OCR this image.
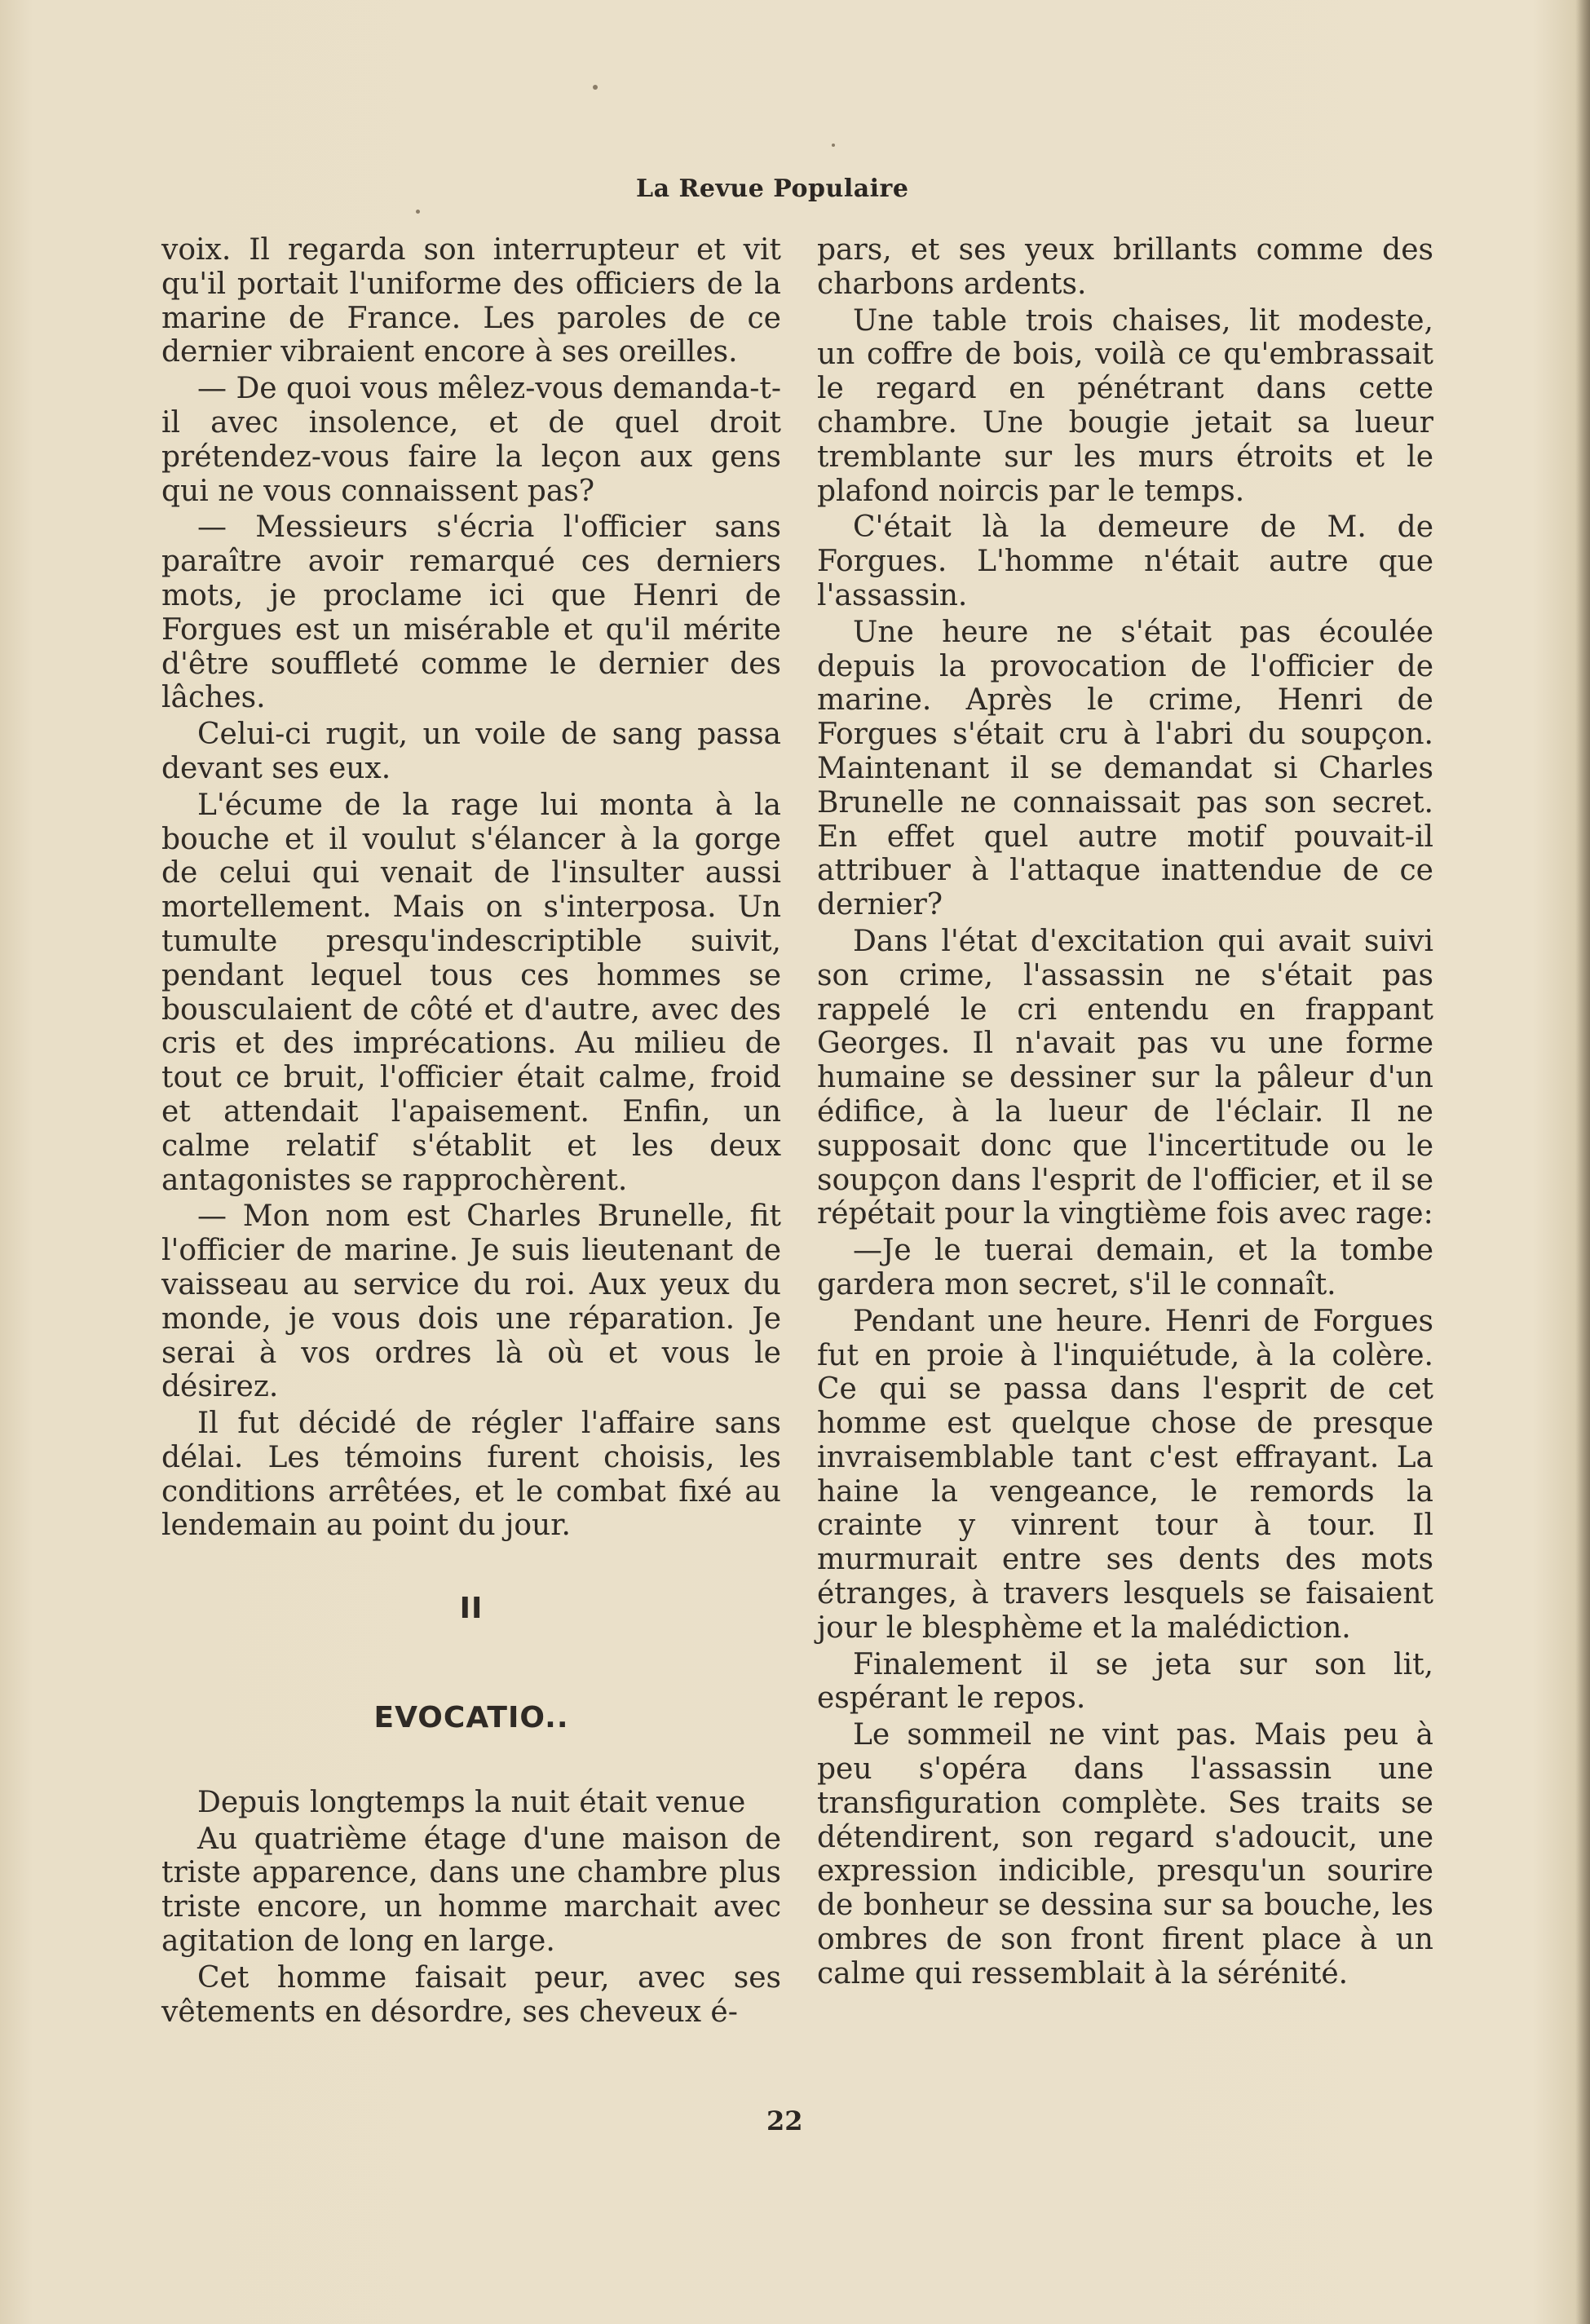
La Revue Populaire

voix. Il regarda son interrupteur et vit qu'il portait l'uniforme des officiers de la marine de France. Les paroles de ce dernier vibraient encore à ses oreilles.

— De quoi vous mêlez-vous demanda-t-il avec insolence, et de quel droit prétendez-vous faire la leçon aux gens qui ne vous connaissent pas?

— Messieurs s'écria l'officier sans paraître avoir remarqué ces derniers mots, je proclame ici que Henri de Forgues est un misérable et qu'il mérite d'être souffleté comme le dernier des lâches.

Celui-ci rugit, un voile de sang passa devant ses eux.

L'écume de la rage lui monta à la bouche et il voulut s'élancer à la gorge de celui qui venait de l'insulter aussi mortellement. Mais on s'interposa. Un tumulte presqu'indescriptible suivit, pendant lequel tous ces hommes se bousculaient de côté et d'autre, avec des cris et des imprécations. Au milieu de tout ce bruit, l'officier était calme, froid et attendait l'apaisement. Enfin, un calme relatif s'établit et les deux antagonistes se rapprochèrent.

— Mon nom est Charles Brunelle, fit l'officier de marine. Je suis lieutenant de vaisseau au service du roi. Aux yeux du monde, je vous dois une réparation. Je serai à vos ordres là où et vous le désirez.

Il fut décidé de régler l'affaire sans délai. Les témoins furent choisis, les conditions arrêtées, et le combat fixé au lendemain au point du jour.

II
EVOCATIO..

Depuis longtemps la nuit était venue

Au quatrième étage d'une maison de triste apparence, dans une chambre plus triste encore, un homme marchait avec agitation de long en large.

Cet homme faisait peur, avec ses vêtements en désordre, ses cheveux é-

pars, et ses yeux brillants comme des charbons ardents.

Une table trois chaises, lit modeste, un coffre de bois, voilà ce qu'embrassait le regard en pénétrant dans cette chambre. Une bougie jetait sa lueur tremblante sur les murs étroits et le plafond noircis par le temps.

C'était là la demeure de M. de Forgues. L'homme n'était autre que l'assassin.

Une heure ne s'était pas écoulée depuis la provocation de l'officier de marine. Après le crime, Henri de Forgues s'était cru à l'abri du soupçon. Maintenant il se demandat si Charles Brunelle ne connaissait pas son secret. En effet quel autre motif pouvait-il attribuer à l'attaque inattendue de ce dernier?

Dans l'état d'excitation qui avait suivi son crime, l'assassin ne s'était pas rappelé le cri entendu en frappant Georges. Il n'avait pas vu une forme humaine se dessiner sur la pâleur d'un édifice, à la lueur de l'éclair. Il ne supposait donc que l'incertitude ou le soupçon dans l'esprit de l'officier, et il se répétait pour la vingtième fois avec rage:

—Je le tuerai demain, et la tombe gardera mon secret, s'il le connaît.

Pendant une heure. Henri de Forgues fut en proie à l'inquiétude, à la colère. Ce qui se passa dans l'esprit de cet homme est quelque chose de presque invraisemblable tant c'est effrayant. La haine la vengeance, le remords la crainte y vinrent tour à tour. Il murmurait entre ses dents des mots étranges, à travers lesquels se faisaient jour le blesphème et la malédiction.

Finalement il se jeta sur son lit, espérant le repos.

Le sommeil ne vint pas. Mais peu à peu s'opéra dans l'assassin une transfiguration complète. Ses traits se détendirent, son regard s'adoucit, une expression indicible, presqu'un sourire de bonheur se dessina sur sa bouche, les ombres de son front firent place à un calme qui ressemblait à la sérénité.

22
